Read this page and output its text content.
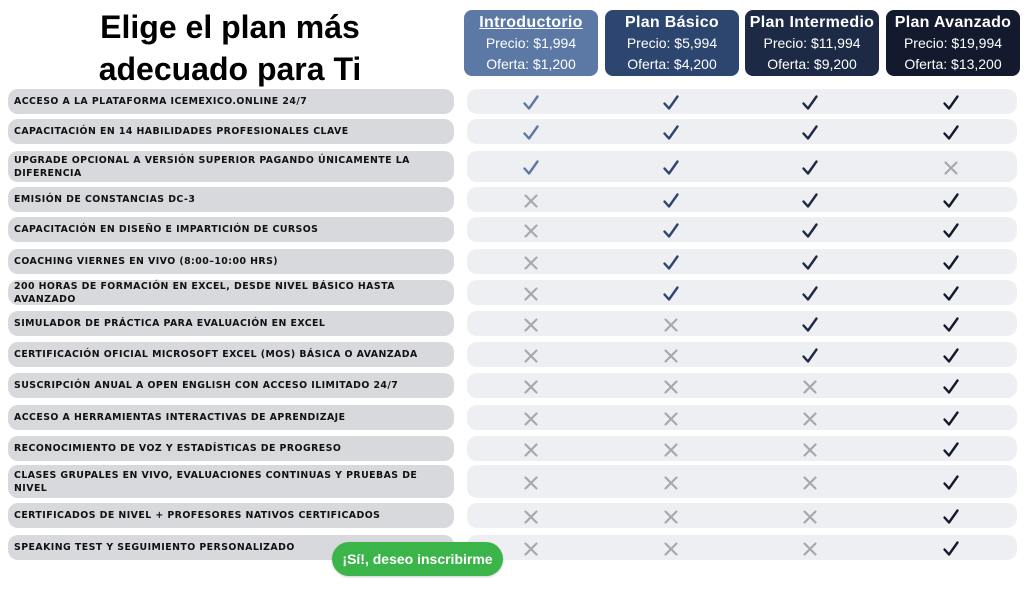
Elige el plan más
adecuado para Ti
Introductorio
Precio: $1,994
Oferta: $1,200
Plan Básico
Precio: $5,994
Oferta: $4,200
Plan Intermedio
Precio: $11,994
Oferta: $9,200
Plan Avanzado
Precio: $19,994
Oferta: $13,200
ACCESO A LA PLATAFORMA ICEMEXICO.ONLINE 24/7
CAPACITACIÓN EN 14 HABILIDADES PROFESIONALES CLAVE
UPGRADE OPCIONAL A VERSIÓN SUPERIOR PAGANDO ÚNICAMENTE LA DIFERENCIA
EMISIÓN DE CONSTANCIAS DC-3
CAPACITACIÓN EN DISEÑO E IMPARTICIÓN DE CURSOS
COACHING VIERNES EN VIVO (8:00–10:00 HRS)
200 HORAS DE FORMACIÓN EN EXCEL, DESDE NIVEL BÁSICO HASTA AVANZADO
SIMULADOR DE PRÁCTICA PARA EVALUACIÓN EN EXCEL
CERTIFICACIÓN OFICIAL MICROSOFT EXCEL (MOS) BÁSICA O AVANZADA
SUSCRIPCIÓN ANUAL A OPEN ENGLISH CON ACCESO ILIMITADO 24/7
ACCESO A HERRAMIENTAS INTERACTIVAS DE APRENDIZAJE
RECONOCIMIENTO DE VOZ Y ESTADÍSTICAS DE PROGRESO
CLASES GRUPALES EN VIVO, EVALUACIONES CONTINUAS Y PRUEBAS DE NIVEL
CERTIFICADOS DE NIVEL + PROFESORES NATIVOS CERTIFICADOS
SPEAKING TEST Y SEGUIMIENTO PERSONALIZADO
¡Sí!, deseo inscribirme
